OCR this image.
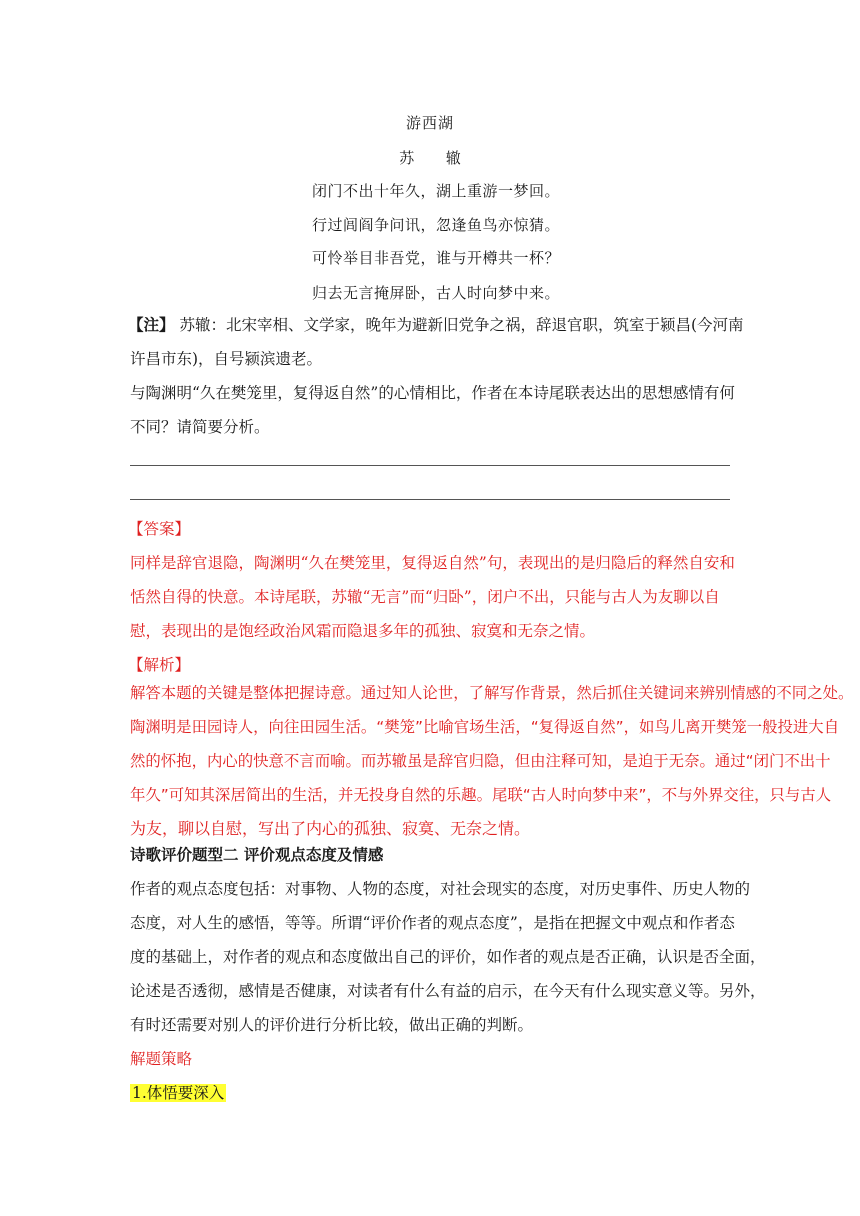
游西湖
苏 辙
闭门不出十年久，湖上重游一梦回。
行过闾阎争问讯，忽逢鱼鸟亦惊猜。
可怜举目非吾党，谁与开樽共一杯？
归去无言掩屏卧，古人时向梦中来。
【注】 苏辙：北宋宰相、文学家，晚年为避新旧党争之祸，辞退官职，筑室于颍昌(今河南
许昌市东)，自号颍滨遗老。
与陶渊明“久在樊笼里，复得返自然”的心情相比，作者在本诗尾联表达出的思想感情有何
不同？请简要分析。
【答案】
同样是辞官退隐，陶渊明“久在樊笼里，复得返自然”句，表现出的是归隐后的释然自安和
恬然自得的快意。本诗尾联，苏辙“无言”而“归卧”，闭户不出，只能与古人为友聊以自
慰，表现出的是饱经政治风霜而隐退多年的孤独、寂寞和无奈之情。
【解析】
解答本题的关键是整体把握诗意。通过知人论世，了解写作背景，然后抓住关键词来辨别情感的不同之处。
陶渊明是田园诗人，向往田园生活。“樊笼”比喻官场生活，“复得返自然”，如鸟儿离开樊笼一般投进大自
然的怀抱，内心的快意不言而喻。而苏辙虽是辞官归隐，但由注释可知，是迫于无奈。通过“闭门不出十
年久”可知其深居简出的生活，并无投身自然的乐趣。尾联“古人时向梦中来”，不与外界交往，只与古人
为友，聊以自慰，写出了内心的孤独、寂寞、无奈之情。
诗歌评价题型二 评价观点态度及情感
作者的观点态度包括：对事物、人物的态度，对社会现实的态度，对历史事件、历史人物的
态度，对人生的感悟，等等。所谓“评价作者的观点态度”，是指在把握文中观点和作者态
度的基础上，对作者的观点和态度做出自己的评价，如作者的观点是否正确，认识是否全面，
论述是否透彻，感情是否健康，对读者有什么有益的启示，在今天有什么现实意义等。另外，
有时还需要对别人的评价进行分析比较，做出正确的判断。
解题策略
1.体悟要深入
